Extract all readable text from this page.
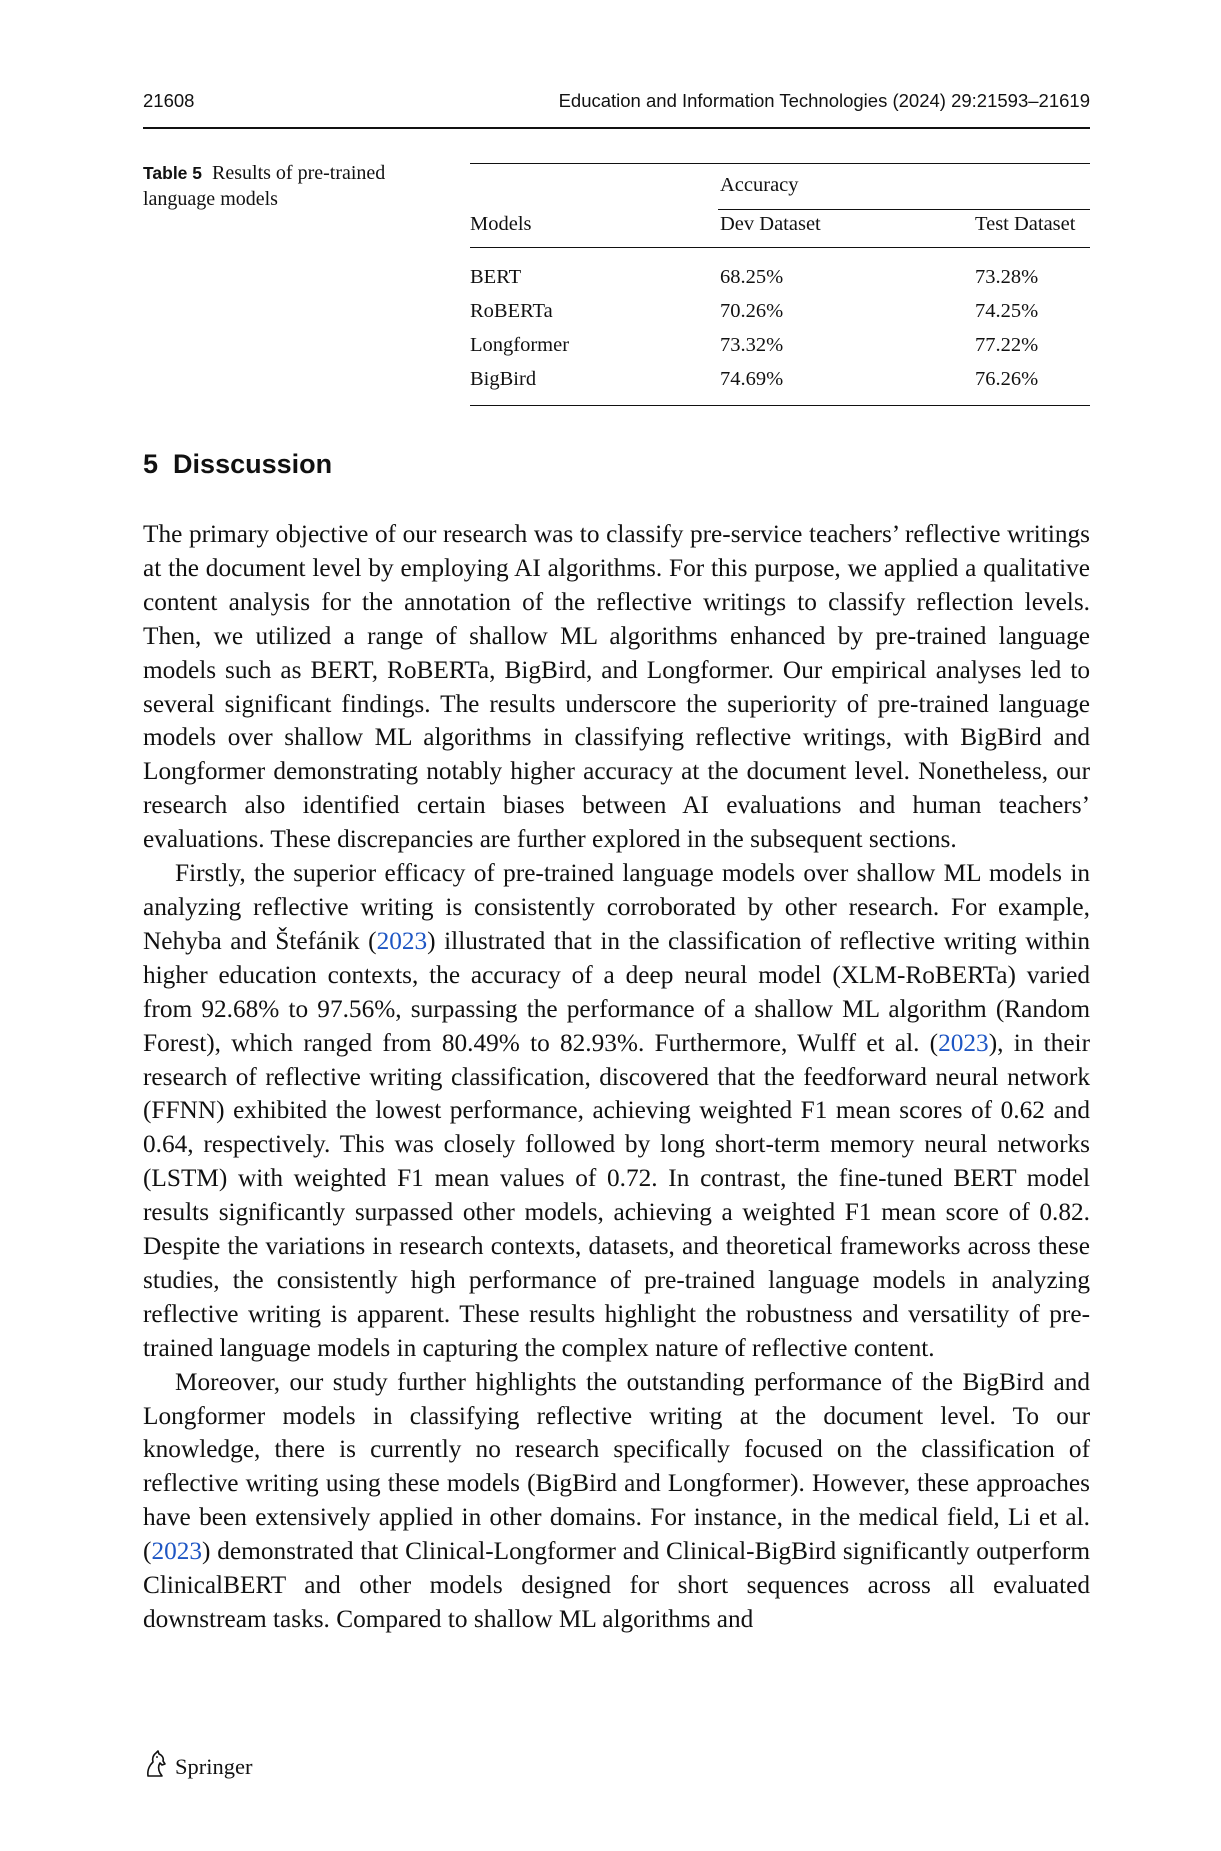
21608	Education and Information Technologies (2024) 29:21593–21619
Table 5 Results of pre-trained language models
Accuracy
Models	Dev Dataset	Test Dataset
BERT	68.25%	73.28%
RoBERTa	70.26%	74.25%
Longformer	73.32%	77.22%
BigBird	74.69%	76.26%
5 Disscussion

The primary objective of our research was to classify pre-service teachers’ reflective writings at the document level by employing AI algorithms. For this purpose, we applied a qualitative content analysis for the annotation of the reflective writings to classify reflection levels. Then, we utilized a range of shallow ML algorithms enhanced by pre-trained language models such as BERT, RoBERTa, BigBird, and Longformer. Our empirical analyses led to several significant findings. The results underscore the superiority of pre-trained language models over shallow ML algorithms in classifying reflective writings, with BigBird and Longformer demonstrating notably higher accuracy at the document level. Nonetheless, our research also identified certain biases between AI evaluations and human teachers’ evaluations. These discrepancies are further explored in the subsequent sections.

Firstly, the superior efficacy of pre-trained language models over shallow ML models in analyzing reflective writing is consistently corroborated by other research. For example, Nehyba and Štefánik (2023) illustrated that in the classification of reflective writing within higher education contexts, the accuracy of a deep neural model (XLM-RoBERTa) varied from 92.68% to 97.56%, surpassing the performance of a shallow ML algorithm (Random Forest), which ranged from 80.49% to 82.93%. Furthermore, Wulff et al. (2023), in their research of reflective writing classification, discovered that the feedforward neural network (FFNN) exhibited the lowest performance, achieving weighted F1 mean scores of 0.62 and 0.64, respectively. This was closely followed by long short-term memory neural networks (LSTM) with weighted F1 mean values of 0.72. In contrast, the fine-tuned BERT model results significantly surpassed other models, achieving a weighted F1 mean score of 0.82. Despite the variations in research contexts, datasets, and theoretical frameworks across these studies, the consistently high performance of pre-trained language models in analyzing reflective writing is apparent. These results highlight the robustness and versatility of pre-trained language models in capturing the complex nature of reflective content.

Moreover, our study further highlights the outstanding performance of the BigBird and Longformer models in classifying reflective writing at the document level. To our knowledge, there is currently no research specifically focused on the classification of reflective writing using these models (BigBird and Longformer). However, these approaches have been extensively applied in other domains. For instance, in the medical field, Li et al. (2023) demonstrated that Clinical-Longformer and Clinical-BigBird significantly outperform ClinicalBERT and other models designed for short sequences across all evaluated downstream tasks. Compared to shallow ML algorithms and

Springer
